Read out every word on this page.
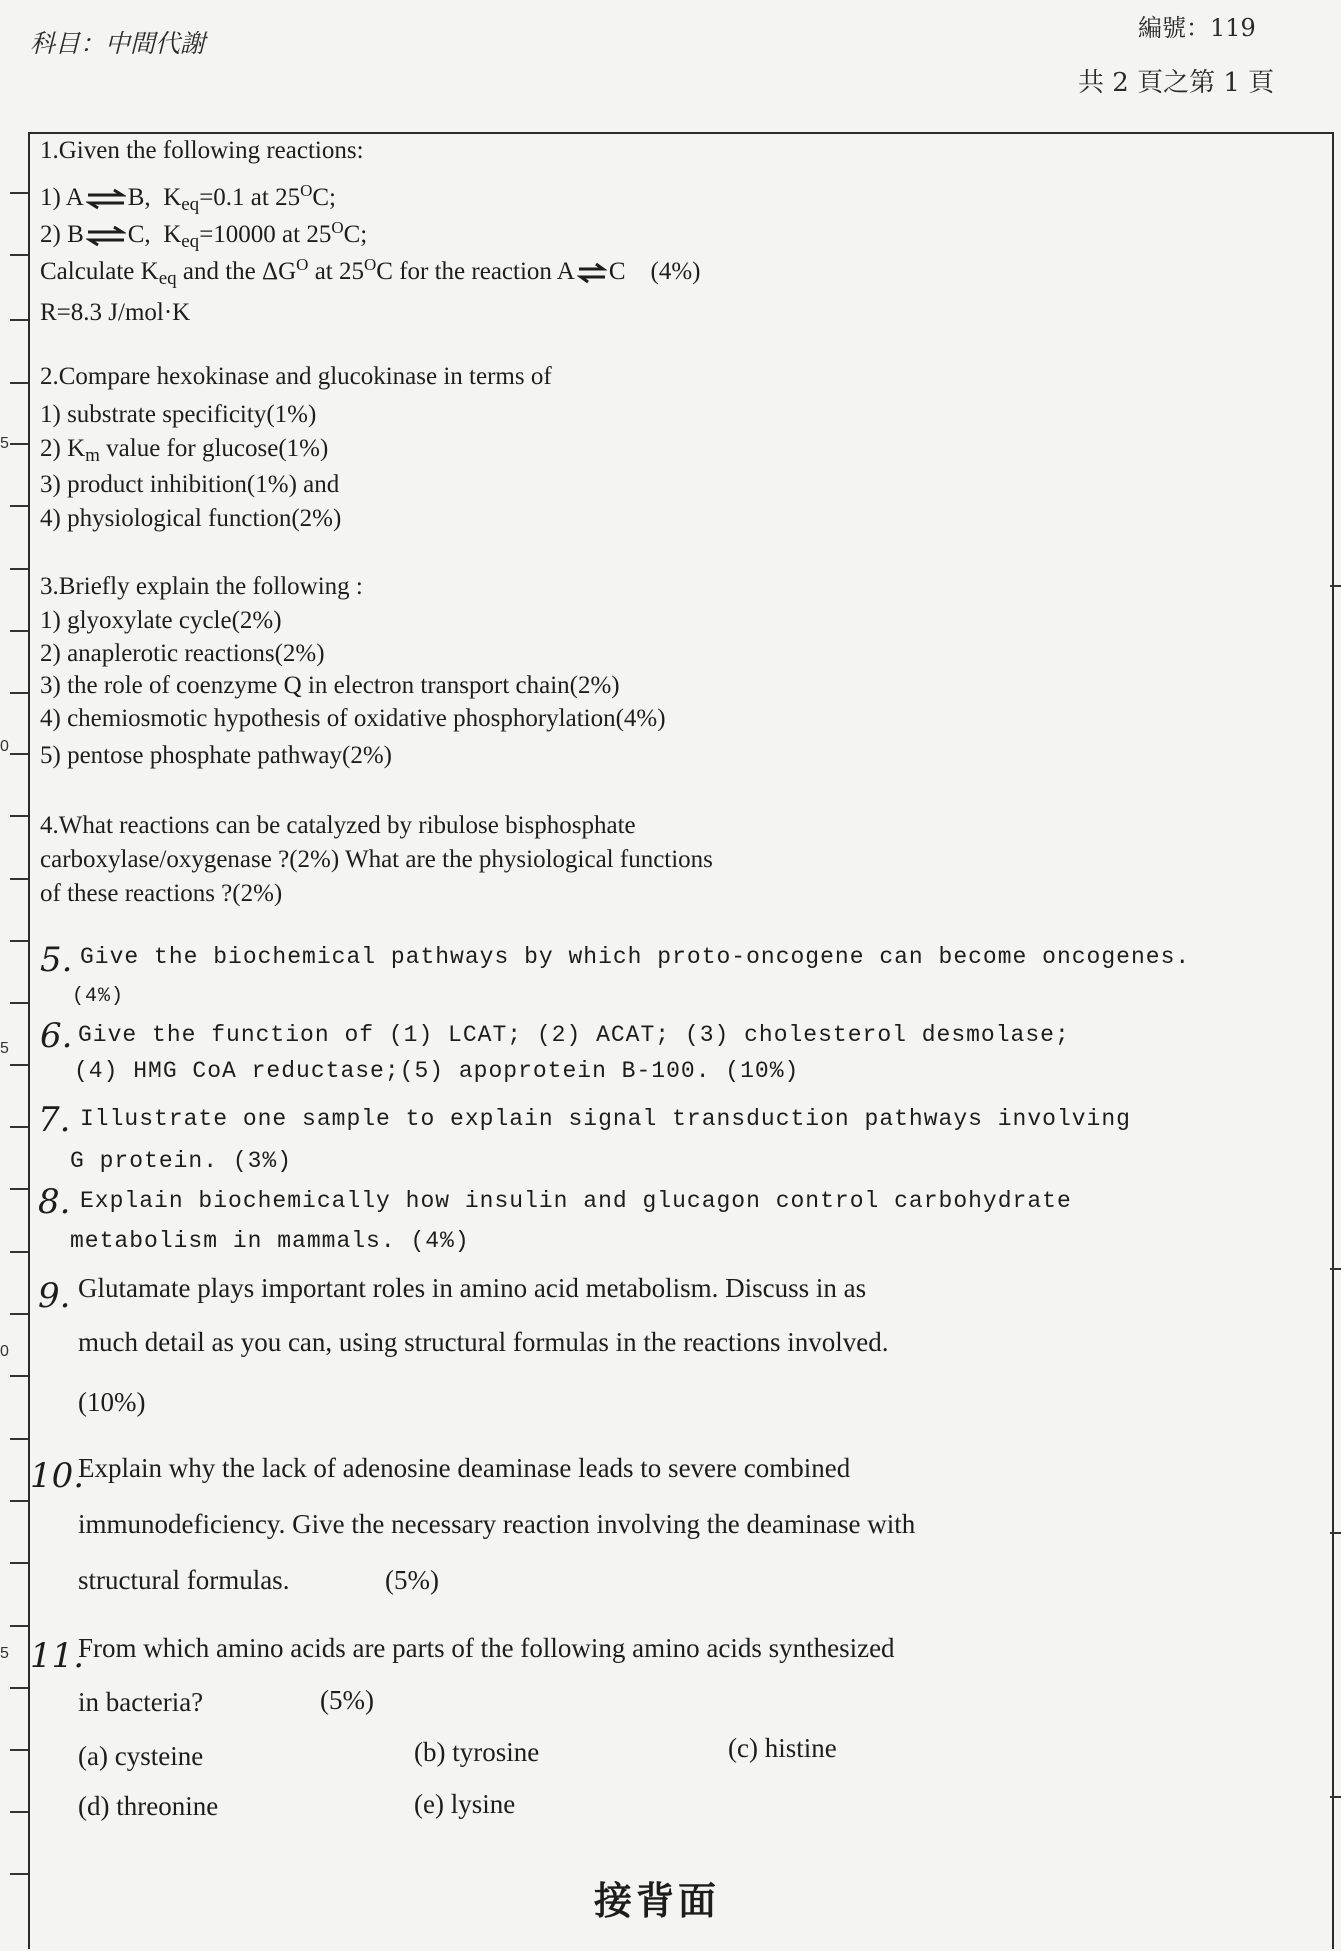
科目：中間代謝
編號：119
共 2 頁之第 1 頁
5
0
5
0
5
1.Given the following reactions:
1) A ⇌ B, $K_{eq}=0.1$ at $25^OC$;
2) B ⇌ C, $K_{eq}=10000$ at $25^OC$;
Calculate $K_{eq}$ and the $\Delta G^O$ at $25^OC$ for the reaction A ⇌ C (4%)
R=8.3 J/mol·K
2.Compare hexokinase and glucokinase in terms of
1) substrate specificity(1%)
2) $K_m$ value for glucose(1%)
3) product inhibition(1%) and
4) physiological function(2%)
3.Briefly explain the following :
1) glyoxylate cycle(2%)
2) anaplerotic reactions(2%)
3) the role of coenzyme Q in electron transport chain(2%)
4) chemiosmotic hypothesis of oxidative phosphorylation(4%)
5) pentose phosphate pathway(2%)
4.What reactions can be catalyzed by ribulose bisphosphate
carboxylase/oxygenase ?(2%) What are the physiological functions
of these reactions ?(2%)
5. Give the biochemical pathways by which proto-oncogene can become oncogenes.
(4%)
6. Give the function of (1) LCAT; (2) ACAT; (3) cholesterol desmolase;
(4) HMG CoA reductase;(5) apoprotein B-100. (10%)
7. Illustrate one sample to explain signal transduction pathways involving
G protein. (3%)
8. Explain biochemically how insulin and glucagon control carbohydrate
metabolism in mammals. (4%)
9. Glutamate plays important roles in amino acid metabolism. Discuss in as
much detail as you can, using structural formulas in the reactions involved.
(10%)
10.
Explain why the lack of adenosine deaminase leads to severe combined
immunodeficiency. Give the necessary reaction involving the deaminase with
structural formulas.	(5%)
11.
From which amino acids are parts of the following amino acids synthesized
in bacteria?	(5%)
(a) cysteine	(b) tyrosine	(c) histine
(d) threonine	(e) lysine
接背面
